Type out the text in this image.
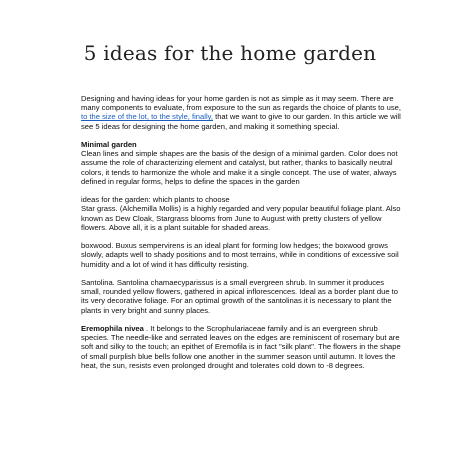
5 ideas for the home garden

Designing and having ideas for your home garden is not as simple as it may seem. There are many components to evaluate, from exposure to the sun as regards the choice of plants to use, to the size of the lot, to the style, finally, that we want to give to our garden. In this article we will see 5 ideas for designing the home garden, and making it something special.

Minimal garden
Clean lines and simple shapes are the basis of the design of a minimal garden. Color does not assume the role of characterizing element and catalyst, but rather, thanks to basically neutral colors, it tends to harmonize the whole and make it a single concept. The use of water, always defined in regular forms, helps to define the spaces in the garden

ideas for the garden: which plants to choose
Star grass. (Alchemilla Mollis) is a highly regarded and very popular beautiful foliage plant. Also known as Dew Cloak, Stargrass blooms from June to August with pretty clusters of yellow flowers. Above all, it is a plant suitable for shaded areas.

boxwood. Buxus sempervirens is an ideal plant for forming low hedges; the boxwood grows slowly, adapts well to shady positions and to most terrains, while in conditions of excessive soil humidity and a lot of wind it has difficulty resisting.

Santolina. Santolina chamaecyparissus is a small evergreen shrub. In summer it produces small, rounded yellow flowers, gathered in apical inflorescences. Ideal as a border plant due to its very decorative foliage. For an optimal growth of the santolinas it is necessary to plant the plants in very bright and sunny places.

Eremophila nivea . It belongs to the Scrophulariaceae family and is an evergreen shrub species. The needle-like and serrated leaves on the edges are reminiscent of rosemary but are soft and silky to the touch; an epithet of Eremofila is in fact "silk plant". The flowers in the shape of small purplish blue bells follow one another in the summer season until autumn. It loves the heat, the sun, resists even prolonged drought and tolerates cold down to -8 degrees.
